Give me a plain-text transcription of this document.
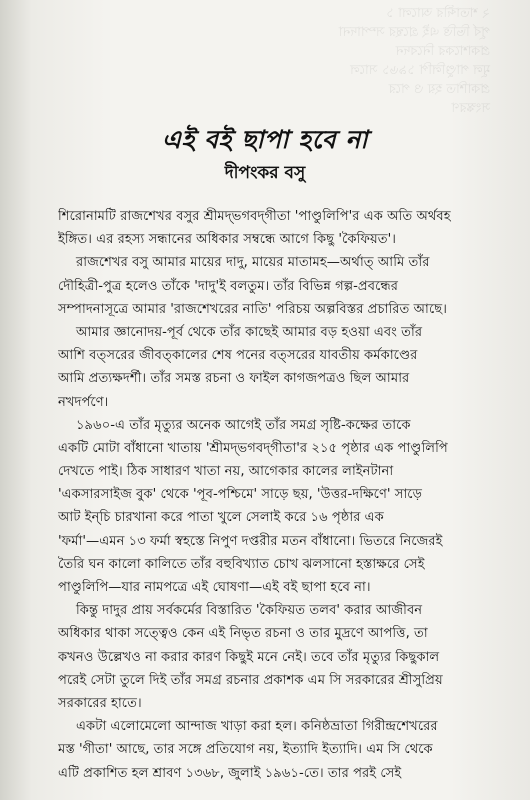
২ শতাব্দীর আলো ১
পূর্ব ভিত্তি এই গ্রন্থের সম্পাদনা
প্রকাশকের নিবেদন
মূল পাণ্ডুলিপি ১৯৬১ সালে
প্রকাশিত হয় ও পরে
সংস্করণ
এই বই ছাপা হবে না
দীপংকর বসু
শিরোনামটি রাজশেখর বসুর শ্রীমদ্‌ভগবদ্‌গীতা 'পাণ্ডুলিপি'র এক অতি অর্থবহ
ইঙ্গিত। এর রহস্য সন্ধানের অধিকার সম্বন্ধে আগে কিছু 'কৈফিয়ত'।
রাজশেখর বসু আমার মায়ের দাদু, মায়ের মাতামহ—অর্থাত্‌ আমি তাঁর
দৌহিত্রী-পুত্র হলেও তাঁকে 'দাদু'ই বলতুম। তাঁর বিভিন্ন গল্প-প্রবন্ধের
সম্পাদনাসূত্রে আমার 'রাজশেখরের নাতি' পরিচয় অল্পবিস্তর প্রচারিত আছে।
আমার জ্ঞানোদয়-পূর্ব থেকে তাঁর কাছেই আমার বড় হওয়া এবং তাঁর
আশি বত্‌সরের জীবত্‌কালের শেষ পনের বত্‌সরের যাবতীয় কর্মকাণ্ডের
আমি প্রত্যক্ষদর্শী। তাঁর সমস্ত রচনা ও ফাইল কাগজপত্রও ছিল আমার
নখদর্পণে।
১৯৬০-এ তাঁর মৃত্যুর অনেক আগেই তাঁর সমগ্র সৃষ্টি-কক্ষের তাকে
একটি মোটা বাঁধানো খাতায় 'শ্রীমদ্‌ভগবদ্‌গীতা'র ২১৫ পৃষ্ঠার এক পাণ্ডুলিপি
দেখতে পাই। ঠিক সাধারণ খাতা নয়, আগেকার কালের লাইনটানা
'একসারসাইজ বুক' থেকে 'পূব-পশ্চিমে' সাড়ে ছয়, 'উত্তর-দক্ষিণে' সাড়ে
আট ইন্‌চি চারখানা করে পাতা খুলে সেলাই করে ১৬ পৃষ্ঠার এক
'ফর্মা'—এমন ১৩ ফর্মা স্বহস্তে নিপুণ দপ্তরীর মতন বাঁধানো। ভিতরে নিজেরই
তৈরি ঘন কালো কালিতে তাঁর বহুবিখ্যাত চোখ ঝলসানো হস্তাক্ষরে সেই
পাণ্ডুলিপি—যার নামপত্রে এই ঘোষণা—এই বই ছাপা হবে না।
কিন্তু দাদুর প্রায় সর্বকর্মের বিস্তারিত 'কৈফিয়ত তলব' করার আজীবন
অধিকার থাকা সত্ত্বেও কেন এই নিভৃত রচনা ও তার মুদ্রণে আপত্তি, তা
কখনও উল্লেখও না করার কারণ কিছুই মনে নেই। তবে তাঁর মৃত্যুর কিছুকাল
পরেই সেটা তুলে দিই তাঁর সমগ্র রচনার প্রকাশক এম সি সরকারের শ্রীসুপ্রিয়
সরকারের হাতে।
একটা এলোমেলো আন্দাজ খাড়া করা হল। কনিষ্ঠভ্রাতা গিরীন্দ্রশেখরের
মস্ত 'গীতা' আছে, তার সঙ্গে প্রতিযোগ নয়, ইত্যাদি ইত্যাদি। এম সি থেকে
এটি প্রকাশিত হল শ্রাবণ ১৩৬৮, জুলাই ১৯৬১-তে। তার পরই সেই
